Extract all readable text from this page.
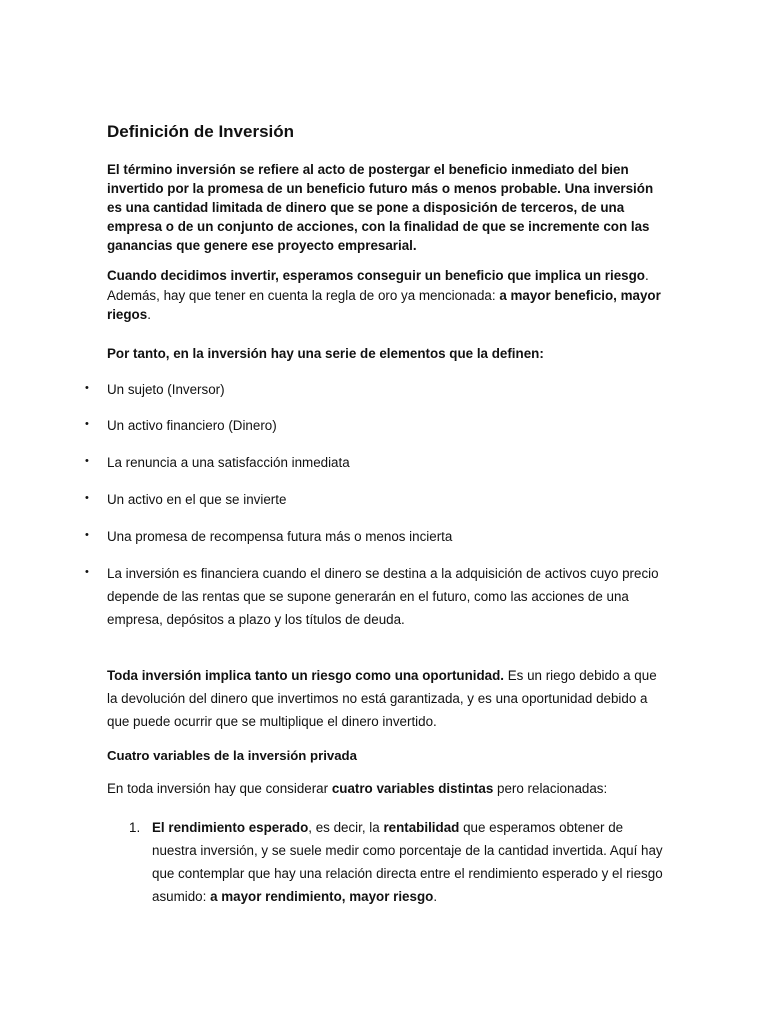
Definición de Inversión
El término inversión se refiere al acto de postergar el beneficio inmediato del bien invertido por la promesa de un beneficio futuro más o menos probable. Una inversión es una cantidad limitada de dinero que se pone a disposición de terceros, de una empresa o de un conjunto de acciones, con la finalidad de que se incremente con las ganancias que genere ese proyecto empresarial.
Cuando decidimos invertir, esperamos conseguir un beneficio que implica un riesgo. Además, hay que tener en cuenta la regla de oro ya mencionada: a mayor beneficio, mayor riegos.
Por tanto, en la inversión hay una serie de elementos que la definen:
• Un sujeto (Inversor)
• Un activo financiero (Dinero)
• La renuncia a una satisfacción inmediata
• Un activo en el que se invierte
• Una promesa de recompensa futura más o menos incierta
• La inversión es financiera cuando el dinero se destina a la adquisición de activos cuyo precio depende de las rentas que se supone generarán en el futuro, como las acciones de una empresa, depósitos a plazo y los títulos de deuda.
Toda inversión implica tanto un riesgo como una oportunidad. Es un riego debido a que la devolución del dinero que invertimos no está garantizada, y es una oportunidad debido a que puede ocurrir que se multiplique el dinero invertido.
Cuatro variables de la inversión privada
En toda inversión hay que considerar cuatro variables distintas pero relacionadas:
1. El rendimiento esperado, es decir, la rentabilidad que esperamos obtener de nuestra inversión, y se suele medir como porcentaje de la cantidad invertida. Aquí hay que contemplar que hay una relación directa entre el rendimiento esperado y el riesgo asumido: a mayor rendimiento, mayor riesgo.
